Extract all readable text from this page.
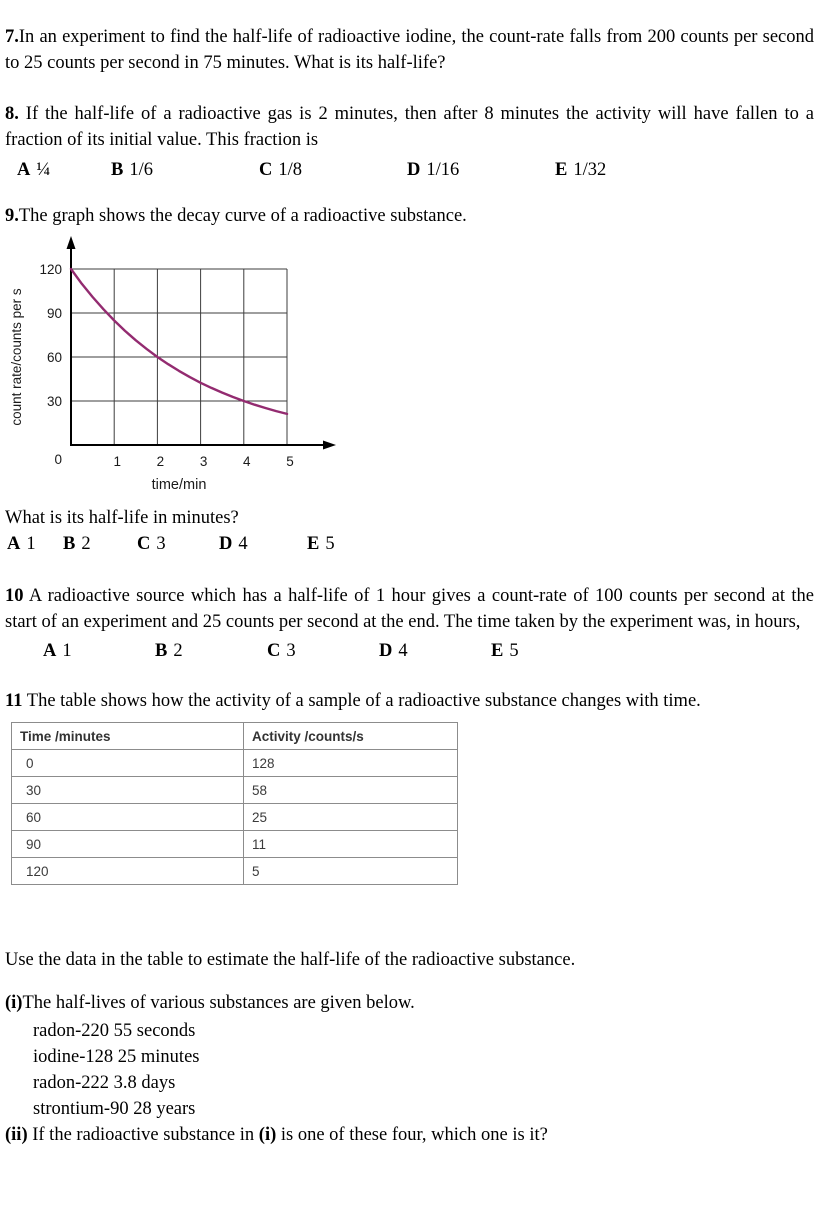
7.In an experiment to find the half-life of radioactive iodine, the count-rate falls from 200 counts per second to 25 counts per second in 75 minutes. What is its half-life?

8. If the half-life of a radioactive gas is 2 minutes, then after 8 minutes the activity will have fallen to a fraction of its initial value. This fraction is

A ¼	B 1/6	C 1/8	D 1/16	E 1/32

9.The graph shows the decay curve of a radioactive substance.

30
60
90
120
0	1	2	3	4	5
time/min
count rate/counts per s

What is its half-life in minutes?

A 1	B 2	C 3	D 4	E 5

10 A radioactive source which has a half-life of 1 hour gives a count-rate of 100 counts per second at the start of an experiment and 25 counts per second at the end. The time taken by the experiment was, in hours,

A 1	B 2	C 3	D 4	E 5

11 The table shows how the activity of a sample of a radioactive substance changes with time.

Time /minutes	Activity /counts/s
0	128
30	58
60	25
90	11
120	5

Use the data in the table to estimate the half-life of the radioactive substance.

(i)The half-lives of various substances are given below.

radon-220 55 seconds

iodine-128 25 minutes

radon-222 3.8 days

strontium-90 28 years

(ii) If the radioactive substance in (i) is one of these four, which one is it?
